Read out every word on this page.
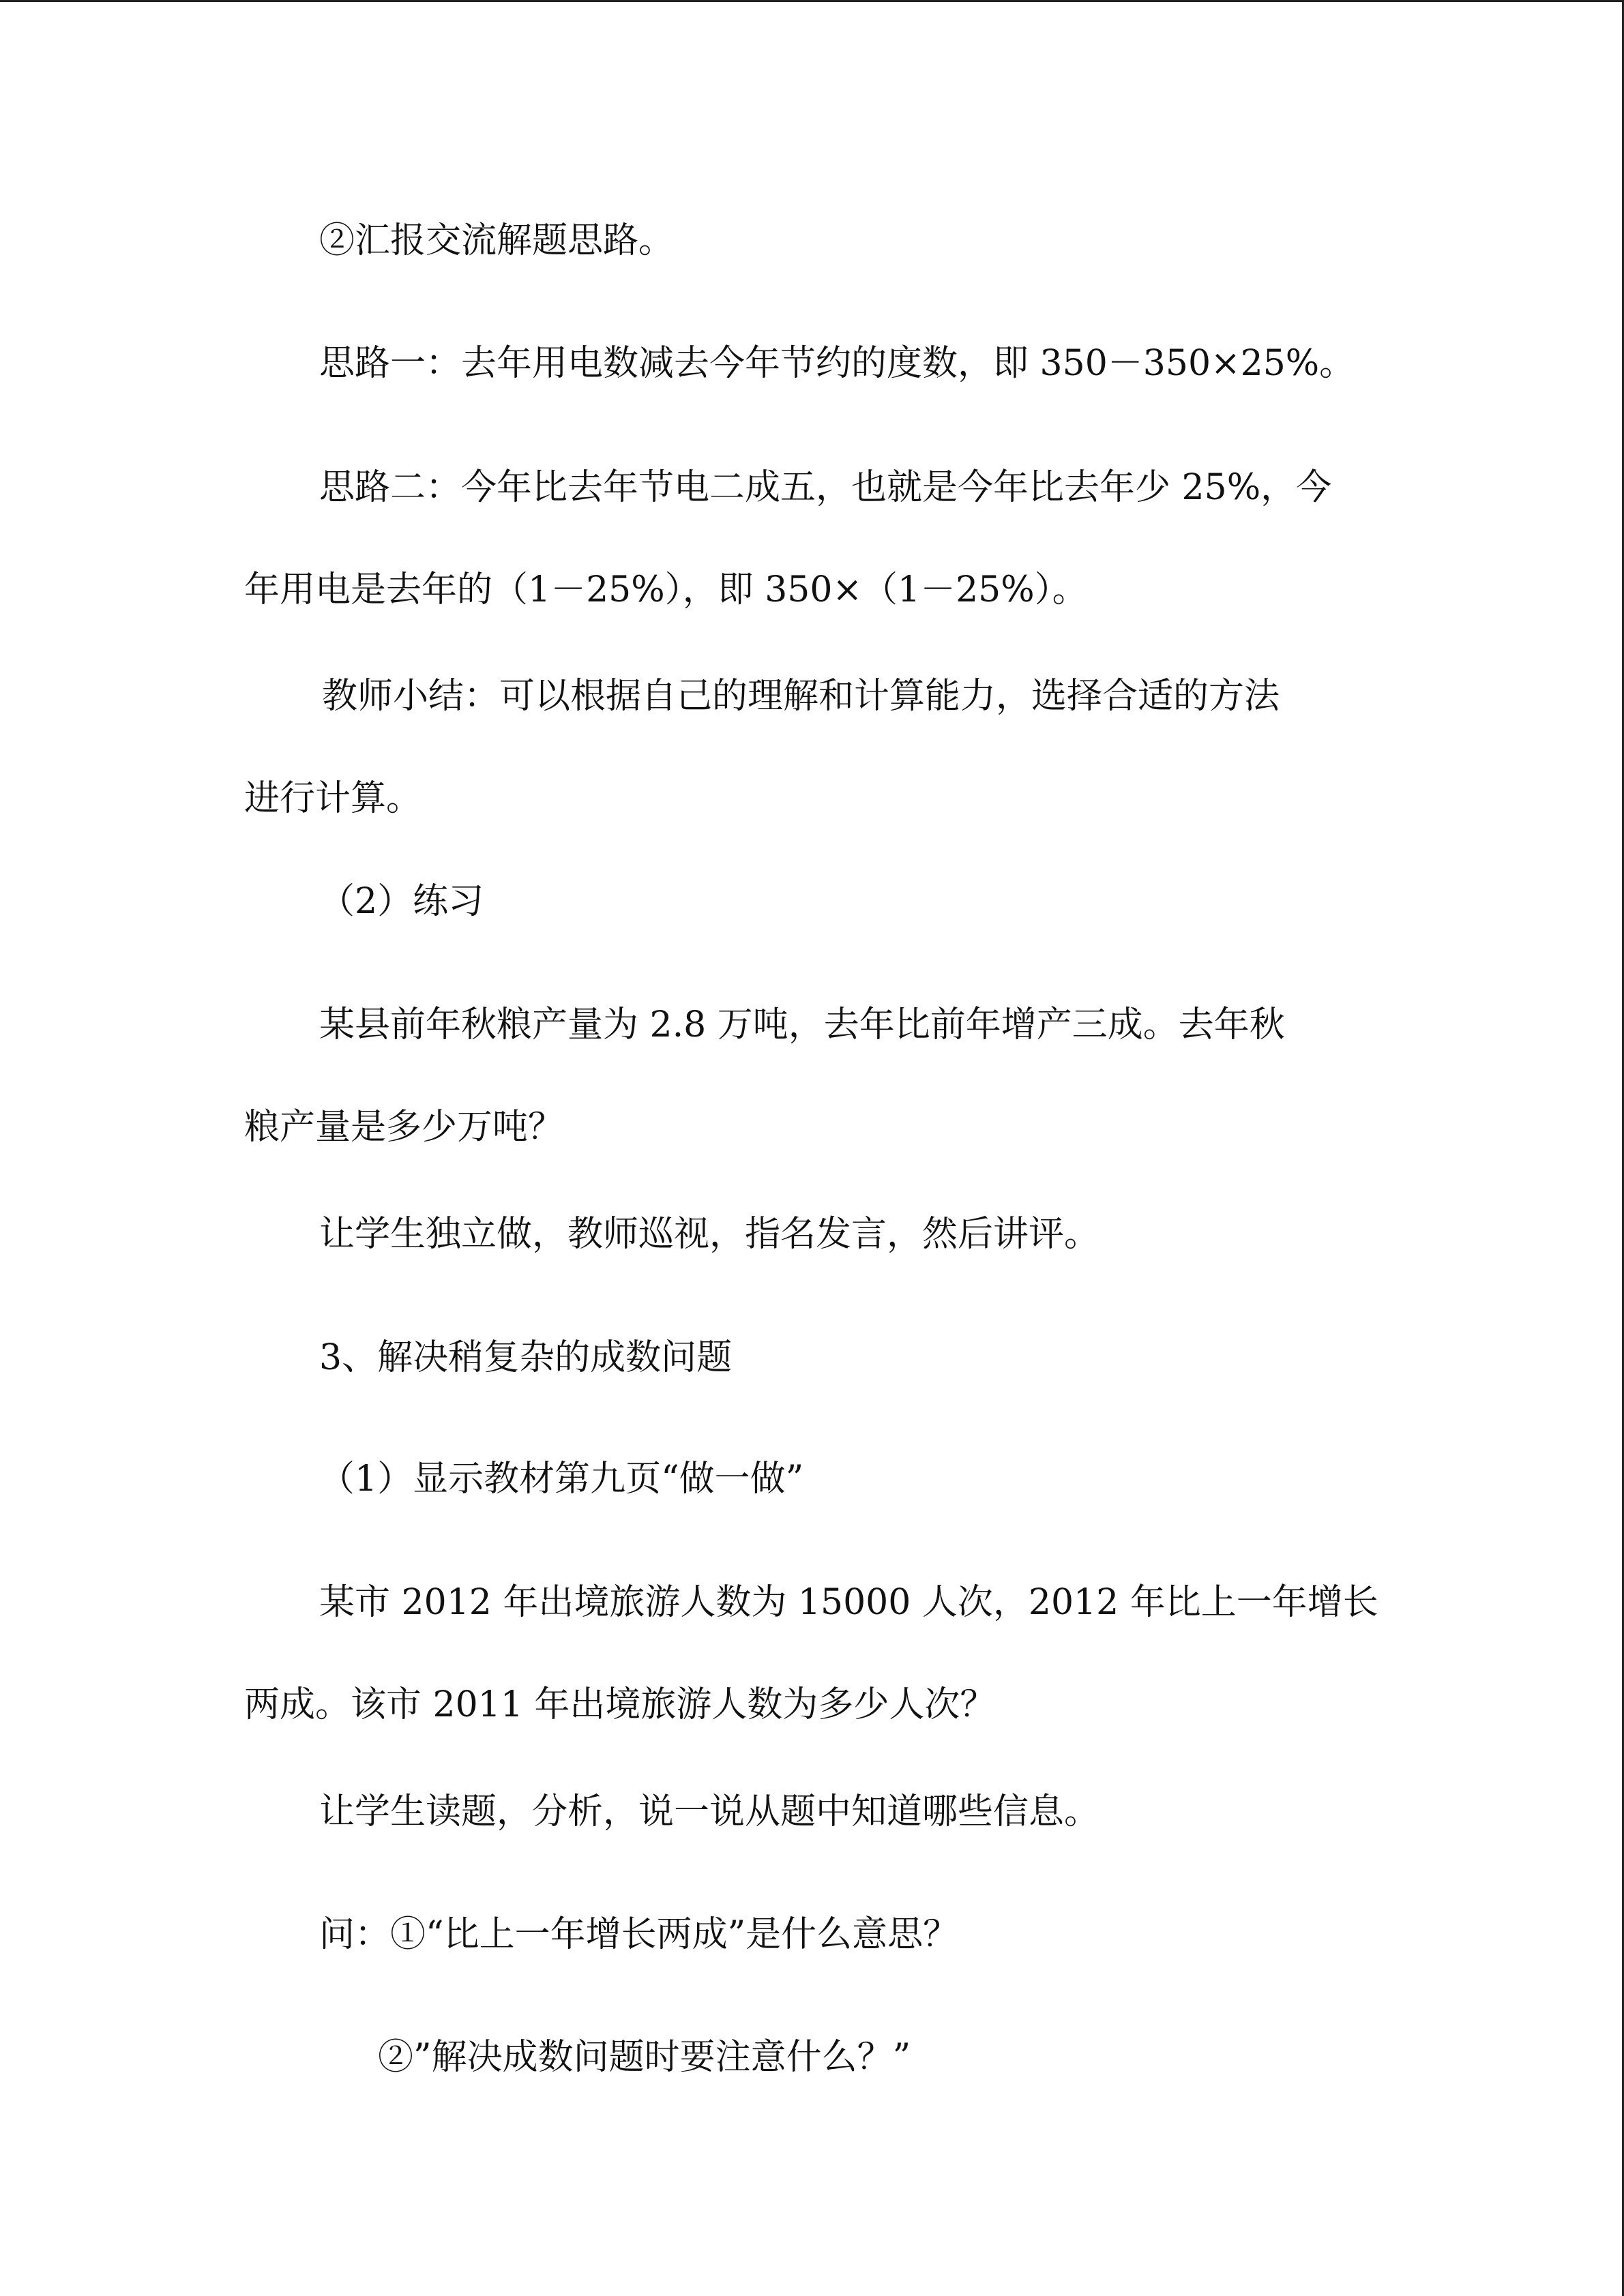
②汇报交流解题思路。
思路一：去年用电数减去今年节约的度数，即 350－350×25%。
思路二：今年比去年节电二成五，也就是今年比去年少 25%，今
年用电是去年的（1－25%），即 350×（1－25%）。
教师小结：可以根据自己的理解和计算能力，选择合适的方法
进行计算。
（2）练习
某县前年秋粮产量为 2.8 万吨，去年比前年增产三成。去年秋
粮产量是多少万吨？
让学生独立做，教师巡视，指名发言，然后讲评。
3、解决稍复杂的成数问题
（1）显示教材第九页“做一做”
某市 2012 年出境旅游人数为 15000 人次，2012 年比上一年增长
两成。该市 2011 年出境旅游人数为多少人次？
让学生读题，分析，说一说从题中知道哪些信息。
问：①“比上一年增长两成”是什么意思？
②”解决成数问题时要注意什么？”
